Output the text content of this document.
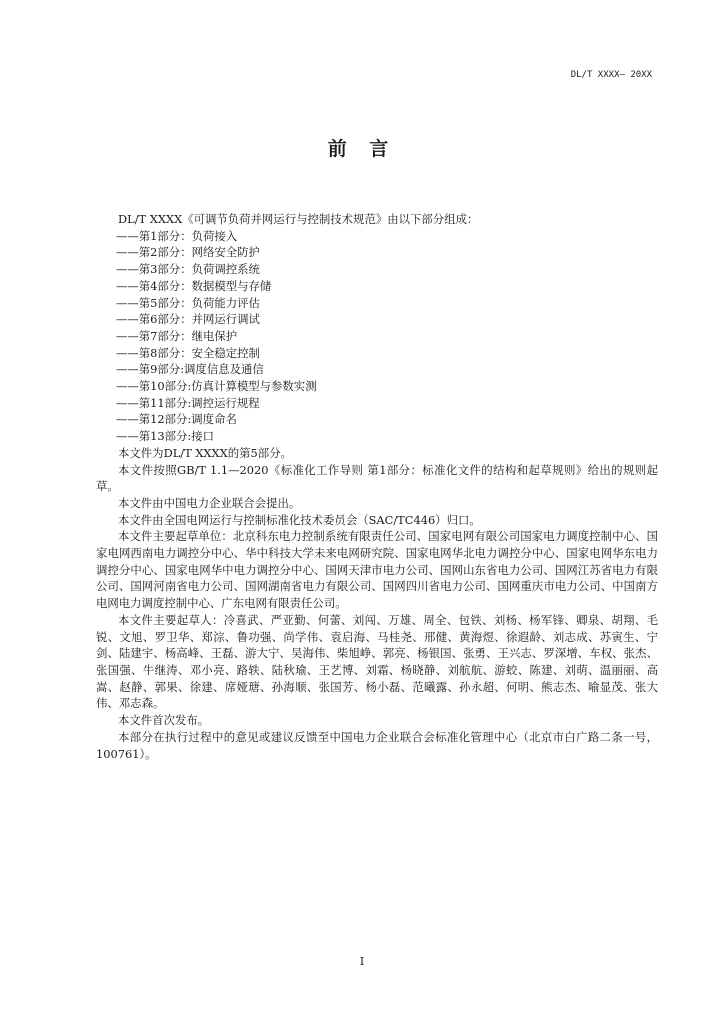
DL/T XXXX— 20XX
前 言

DL/T XXXX《可调节负荷并网运行与控制技术规范》由以下部分组成：

——第1部分：负荷接入

——第2部分：网络安全防护

——第3部分：负荷调控系统

——第4部分：数据模型与存储

——第5部分：负荷能力评估

——第6部分：并网运行调试

——第7部分：继电保护

——第8部分：安全稳定控制

——第9部分:调度信息及通信

——第10部分:仿真计算模型与参数实测

——第11部分:调控运行规程

——第12部分:调度命名

——第13部分:接口

本文件为DL/T XXXX的第5部分。

本文件按照GB/T 1.1—2020《标准化工作导则 第1部分：标准化文件的结构和起草规则》给出的规则起草。

本文件由中国电力企业联合会提出。

本文件由全国电网运行与控制标准化技术委员会（SAC/TC446）归口。

本文件主要起草单位：北京科东电力控制系统有限责任公司、国家电网有限公司国家电力调度控制中心、国家电网西南电力调控分中心、华中科技大学未来电网研究院、国家电网华北电力调控分中心、国家电网华东电力调控分中心、国家电网华中电力调控分中心、国网天津市电力公司、国网山东省电力公司、国网江苏省电力有限公司、国网河南省电力公司、国网湖南省电力有限公司、国网四川省电力公司、国网重庆市电力公司、中国南方电网电力调度控制中心、广东电网有限责任公司。

本文件主要起草人：冷喜武、严亚勤、何蕾、刘闯、万雄、周全、包铁、刘杨、杨军锋、卿泉、胡翔、毛锐、文旭、罗卫华、郑淙、鲁功强、尚学伟、袁启海、马桂尧、邢健、黄海煜、徐遐龄、刘志成、苏寅生、宁剑、陆建宇、杨高峰、王磊、游大宁、吴海伟、柴旭峥、郭亮、杨银国、张勇、王兴志、罗深增、车权、张杰、张国强、牛继涛、邓小亮、路轶、陆秋瑜、王艺博、刘霜、杨晓静、刘航航、游蛟、陈建、刘萌、温丽丽、高嵩、赵静、郭果、徐建、席娅瑭、孙海顺、张国芳、杨小磊、范曦露、孙永超、何明、熊志杰、喻显茂、张大伟、邓志森。

本文件首次发布。

本部分在执行过程中的意见或建议反馈至中国电力企业联合会标准化管理中心（北京市白广路二条一号，100761）。

I
